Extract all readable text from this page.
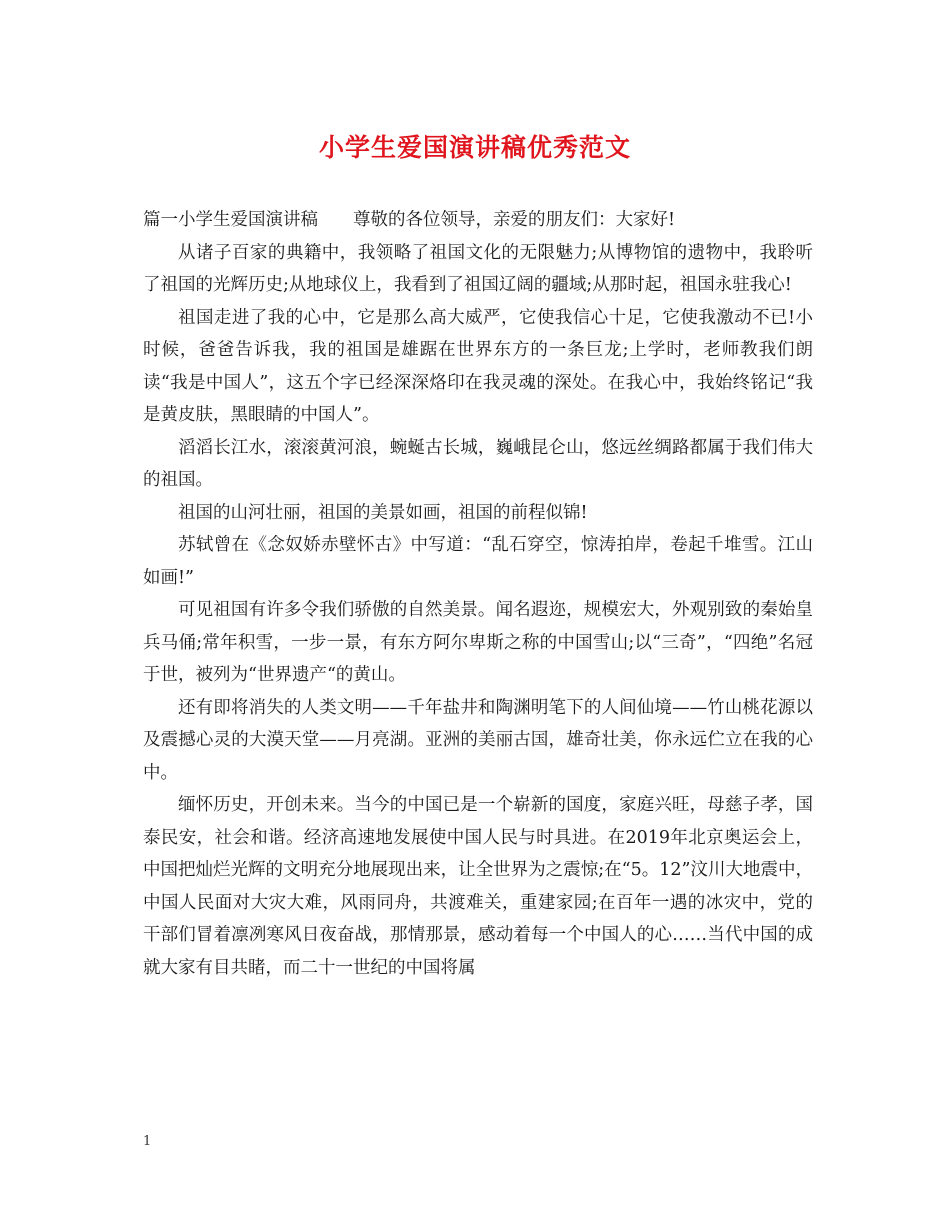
小学生爱国演讲稿优秀范文

篇一小学生爱国演讲稿　　尊敬的各位领导，亲爱的朋友们：大家好!

从诸子百家的典籍中，我领略了祖国文化的无限魅力;从博物馆的遗物中，我聆听了祖国的光辉历史;从地球仪上，我看到了祖国辽阔的疆域;从那时起，祖国永驻我心!

祖国走进了我的心中，它是那么高大威严，它使我信心十足，它使我激动不已!小时候，爸爸告诉我，我的祖国是雄踞在世界东方的一条巨龙;上学时，老师教我们朗读“我是中国人”，这五个字已经深深烙印在我灵魂的深处。在我心中，我始终铭记“我是黄皮肤，黑眼睛的中国人”。

滔滔长江水，滚滚黄河浪，蜿蜒古长城，巍峨昆仑山，悠远丝绸路都属于我们伟大的祖国。

祖国的山河壮丽，祖国的美景如画，祖国的前程似锦!

苏轼曾在《念奴娇赤壁怀古》中写道：“乱石穿空，惊涛拍岸，卷起千堆雪。江山如画!”

可见祖国有许多令我们骄傲的自然美景。闻名遐迩，规模宏大，外观别致的秦始皇兵马俑;常年积雪，一步一景，有东方阿尔卑斯之称的中国雪山;以“三奇”，“四绝”名冠于世，被列为“世界遗产“的黄山。

还有即将消失的人类文明——千年盐井和陶渊明笔下的人间仙境——竹山桃花源以及震撼心灵的大漠天堂——月亮湖。亚洲的美丽古国，雄奇壮美，你永远伫立在我的心中。

缅怀历史，开创未来。当今的中国已是一个崭新的国度，家庭兴旺，母慈子孝，国泰民安，社会和谐。经济高速地发展使中国人民与时具进。在2019年北京奥运会上，中国把灿烂光辉的文明充分地展现出来，让全世界为之震惊;在“5。12”汶川大地震中，中国人民面对大灾大难，风雨同舟，共渡难关，重建家园;在百年一遇的冰灾中，党的干部们冒着凛冽寒风日夜奋战，那情那景，感动着每一个中国人的心……当代中国的成就大家有目共睹，而二十一世纪的中国将属

1
